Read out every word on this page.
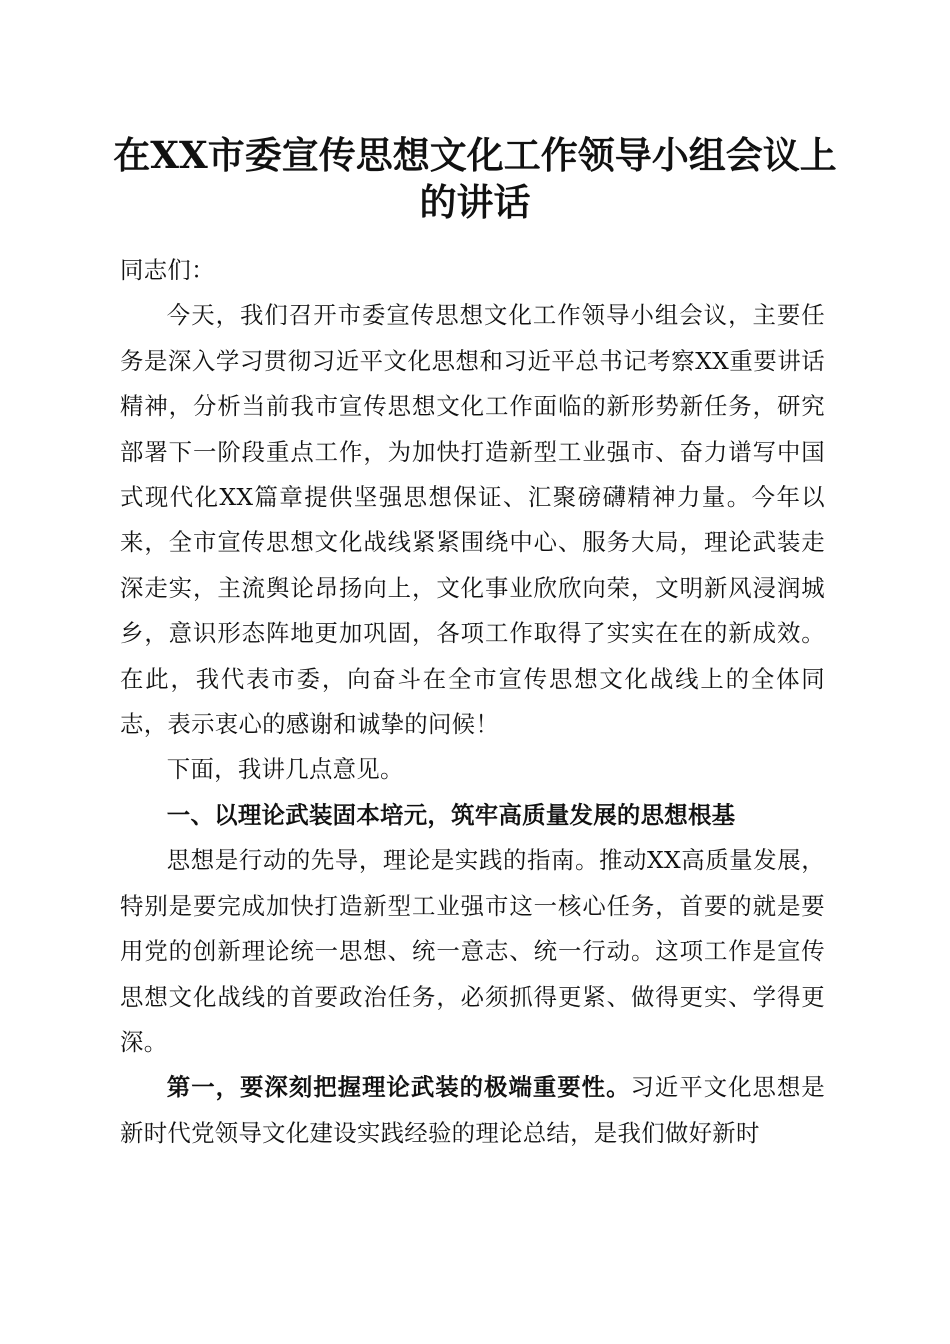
在XX市委宣传思想文化工作领导小组会议上的讲话

同志们：

今天，我们召开市委宣传思想文化工作领导小组会议，主要任务是深入学习贯彻习近平文化思想和习近平总书记考察XX重要讲话精神，分析当前我市宣传思想文化工作面临的新形势新任务，研究部署下一阶段重点工作，为加快打造新型工业强市、奋力谱写中国式现代化XX篇章提供坚强思想保证、汇聚磅礴精神力量。今年以来，全市宣传思想文化战线紧紧围绕中心、服务大局，理论武装走深走实，主流舆论昂扬向上，文化事业欣欣向荣，文明新风浸润城乡，意识形态阵地更加巩固，各项工作取得了实实在在的新成效。在此，我代表市委，向奋斗在全市宣传思想文化战线上的全体同志，表示衷心的感谢和诚挚的问候！

下面，我讲几点意见。

一、以理论武装固本培元，筑牢高质量发展的思想根基

思想是行动的先导，理论是实践的指南。推动XX高质量发展，特别是要完成加快打造新型工业强市这一核心任务，首要的就是要用党的创新理论统一思想、统一意志、统一行动。这项工作是宣传思想文化战线的首要政治任务，必须抓得更紧、做得更实、学得更深。

第一，要深刻把握理论武装的极端重要性。习近平文化思想是新时代党领导文化建设实践经验的理论总结，是我们做好新时
